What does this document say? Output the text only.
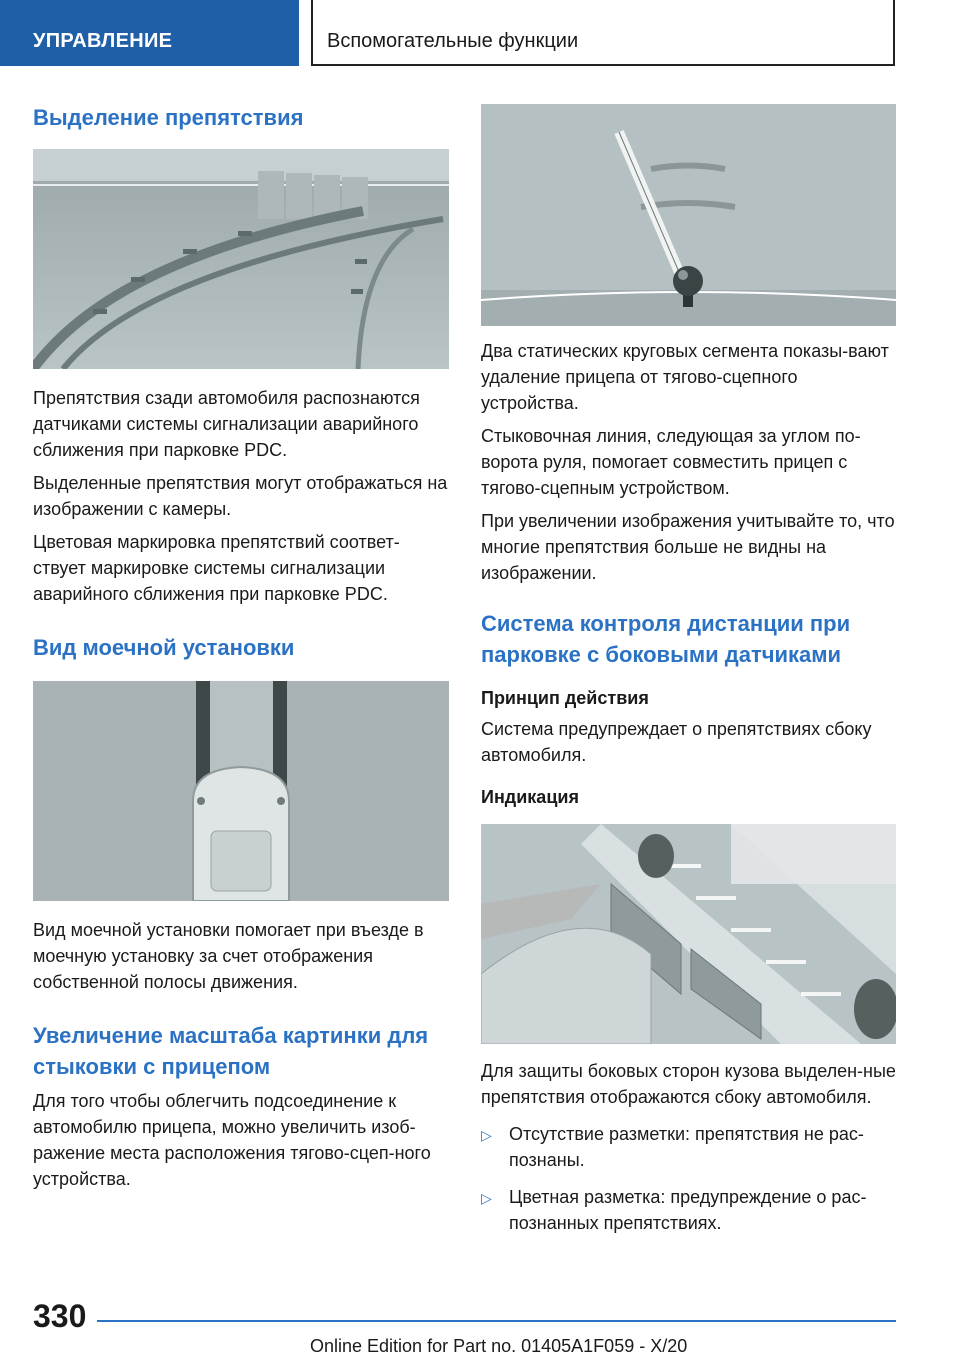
УПРАВЛЕНИЕ	Вспомогательные функции
Выделение препятствия
Препятствия сзади автомобиля распознаются датчиками системы сигнализации аварийного сближения при парковке PDC.
Выделенные препятствия могут отображаться на изображении с камеры.
Цветовая маркировка препятствий соответ-ствует маркировке системы сигнализации аварийного сближения при парковке PDC.
Вид моечной установки
Вид моечной установки помогает при въезде в моечную установку за счет отображения собственной полосы движения.
Увеличение масштаба картинки для стыковки с прицепом
Для того чтобы облегчить подсоединение к автомобилю прицепа, можно увеличить изоб-ражение места расположения тягово-сцеп-ного устройства.
Два статических круговых сегмента показы-вают удаление прицепа от тягово-сцепного устройства.
Стыковочная линия, следующая за углом по-ворота руля, помогает совместить прицеп с тягово-сцепным устройством.
При увеличении изображения учитывайте то, что многие препятствия больше не видны на изображении.
Система контроля дистанции при парковке с боковыми датчиками
Принцип действия
Система предупреждает о препятствиях сбоку автомобиля.
Индикация
Для защиты боковых сторон кузова выделен-ные препятствия отображаются сбоку автомобиля.
▷ Отсутствие разметки: препятствия не рас-познаны.
▷ Цветная разметка: предупреждение о рас-познанных препятствиях.
330
Online Edition for Part no. 01405A1F059 - X/20
